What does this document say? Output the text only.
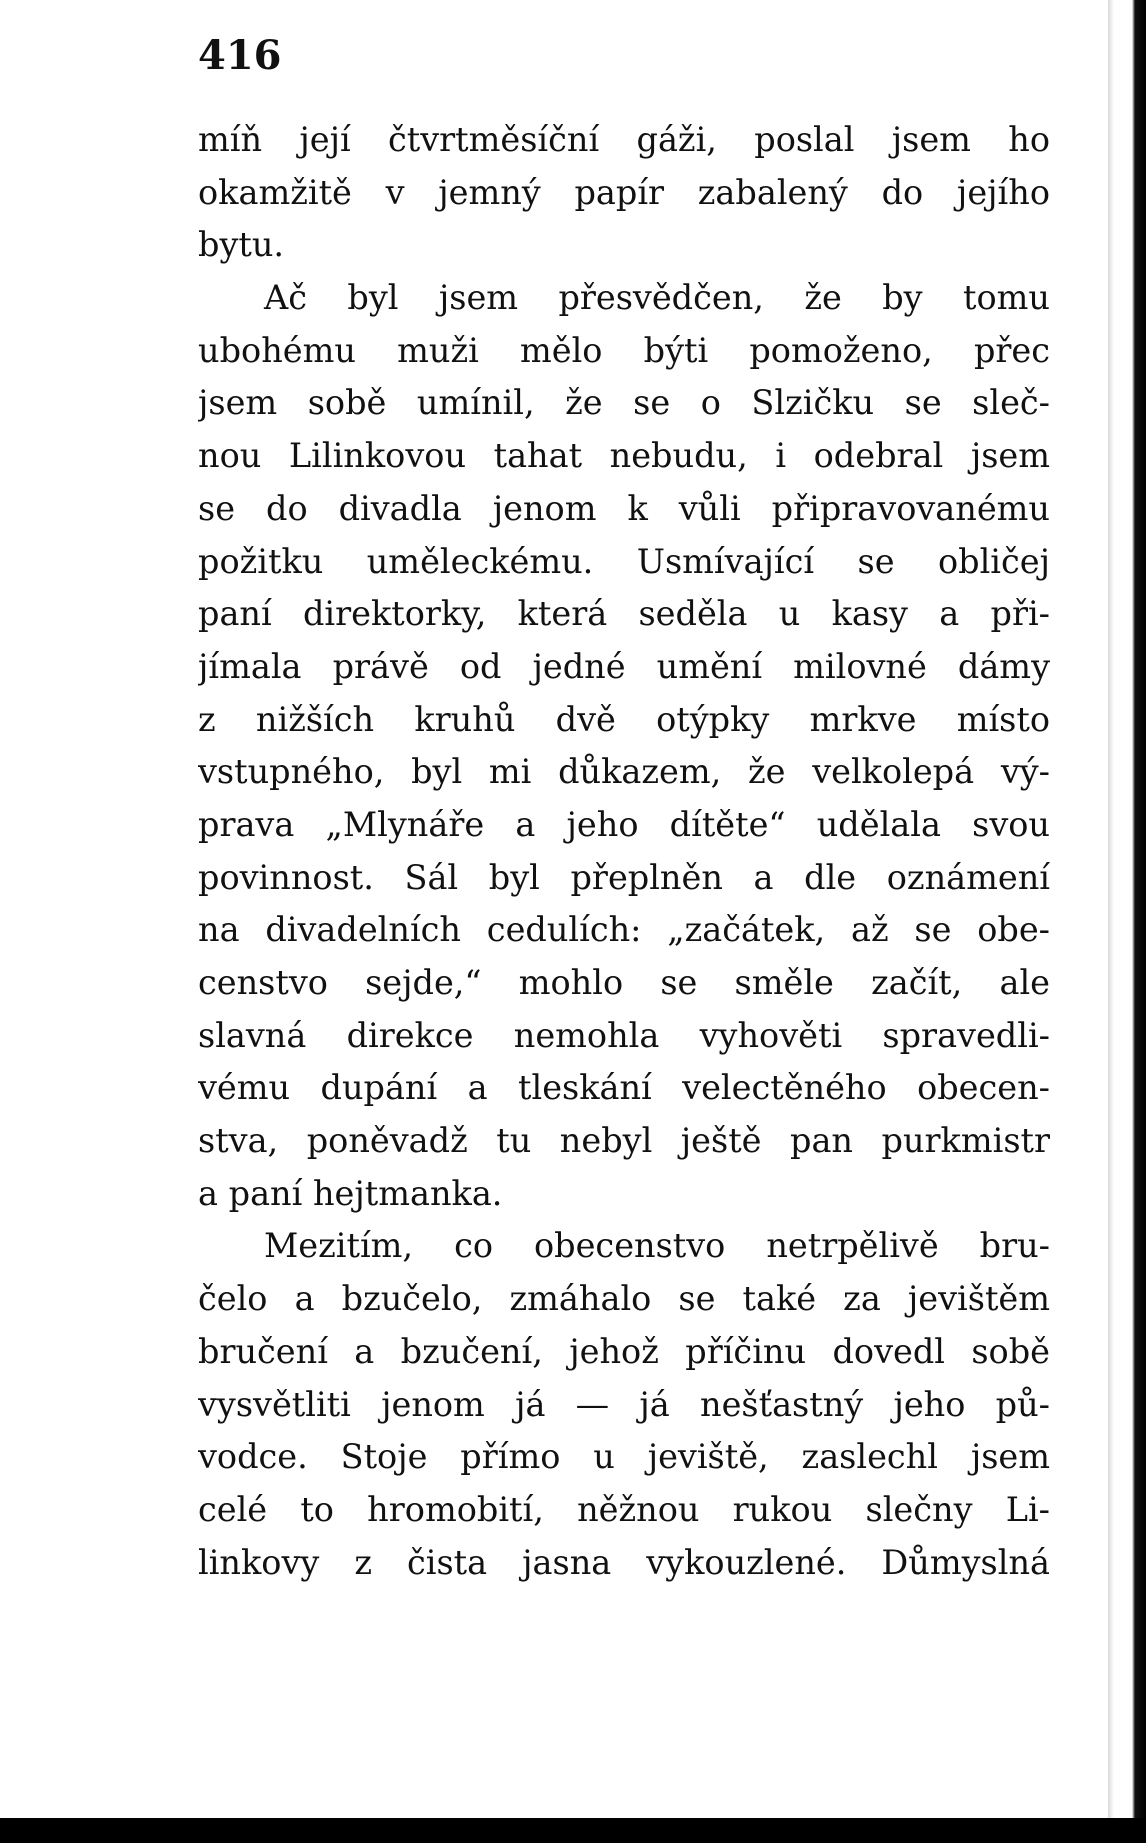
416
míň její čtvrtměsíční gáži, poslal jsem ho
okamžitě v jemný papír zabalený do jejího
bytu.
Ač byl jsem přesvědčen, že by tomu
ubohému muži mělo býti pomoženo, přec
jsem sobě umínil, že se o Slzičku se sleč-
nou Lilinkovou tahat nebudu, i odebral jsem
se do divadla jenom k vůli připravovanému
požitku uměleckému. Usmívající se obličej
paní direktorky, která seděla u kasy a při-
jímala právě od jedné umění milovné dámy
z nižších kruhů dvě otýpky mrkve místo
vstupného, byl mi důkazem, že velkolepá vý-
prava „Mlynáře a jeho dítěte“ udělala svou
povinnost. Sál byl přeplněn a dle oznámení
na divadelních cedulích: „začátek, až se obe-
censtvo sejde,“ mohlo se směle začít, ale
slavná direkce nemohla vyhověti spravedli-
vému dupání a tleskání velectěného obecen-
stva, poněvadž tu nebyl ještě pan purkmistr
a paní hejtmanka.
Mezitím, co obecenstvo netrpělivě bru-
čelo a bzučelo, zmáhalo se také za jevištěm
bručení a bzučení, jehož příčinu dovedl sobě
vysvětliti jenom já — já nešťastný jeho pů-
vodce. Stoje přímo u jeviště, zaslechl jsem
celé to hromobití, něžnou rukou slečny Li-
linkovy z čista jasna vykouzlené. Důmyslná
